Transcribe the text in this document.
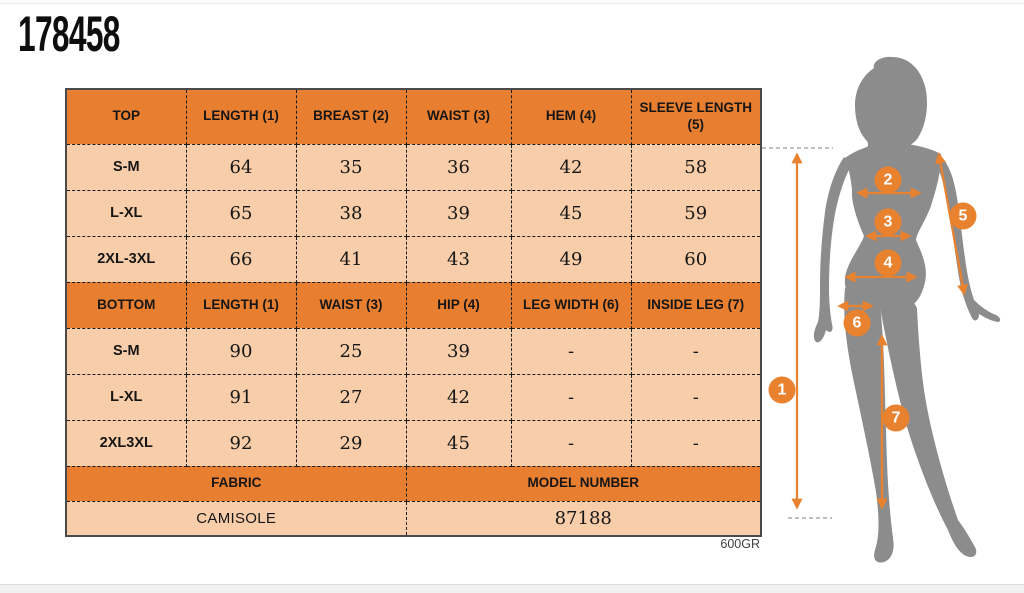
178458
TOP	LENGTH (1)	BREAST (2)	WAIST (3)	HEM (4)	SLEEVE LENGTH (5)
S-M	64	35	36	42	58
L-XL	65	38	39	45	59
2XL-3XL	66	41	43	49	60
BOTTOM	LENGTH (1)	WAIST (3)	HIP (4)	LEG WIDTH (6)	INSIDE LEG (7)
S-M	90	25	39	-	-
L-XL	91	27	42	-	-
2XL3XL	92	29	45	-	-
FABRIC			MODEL NUMBER		
CAMISOLE			87188		
600GR
1
2
3
4
5
6
7
